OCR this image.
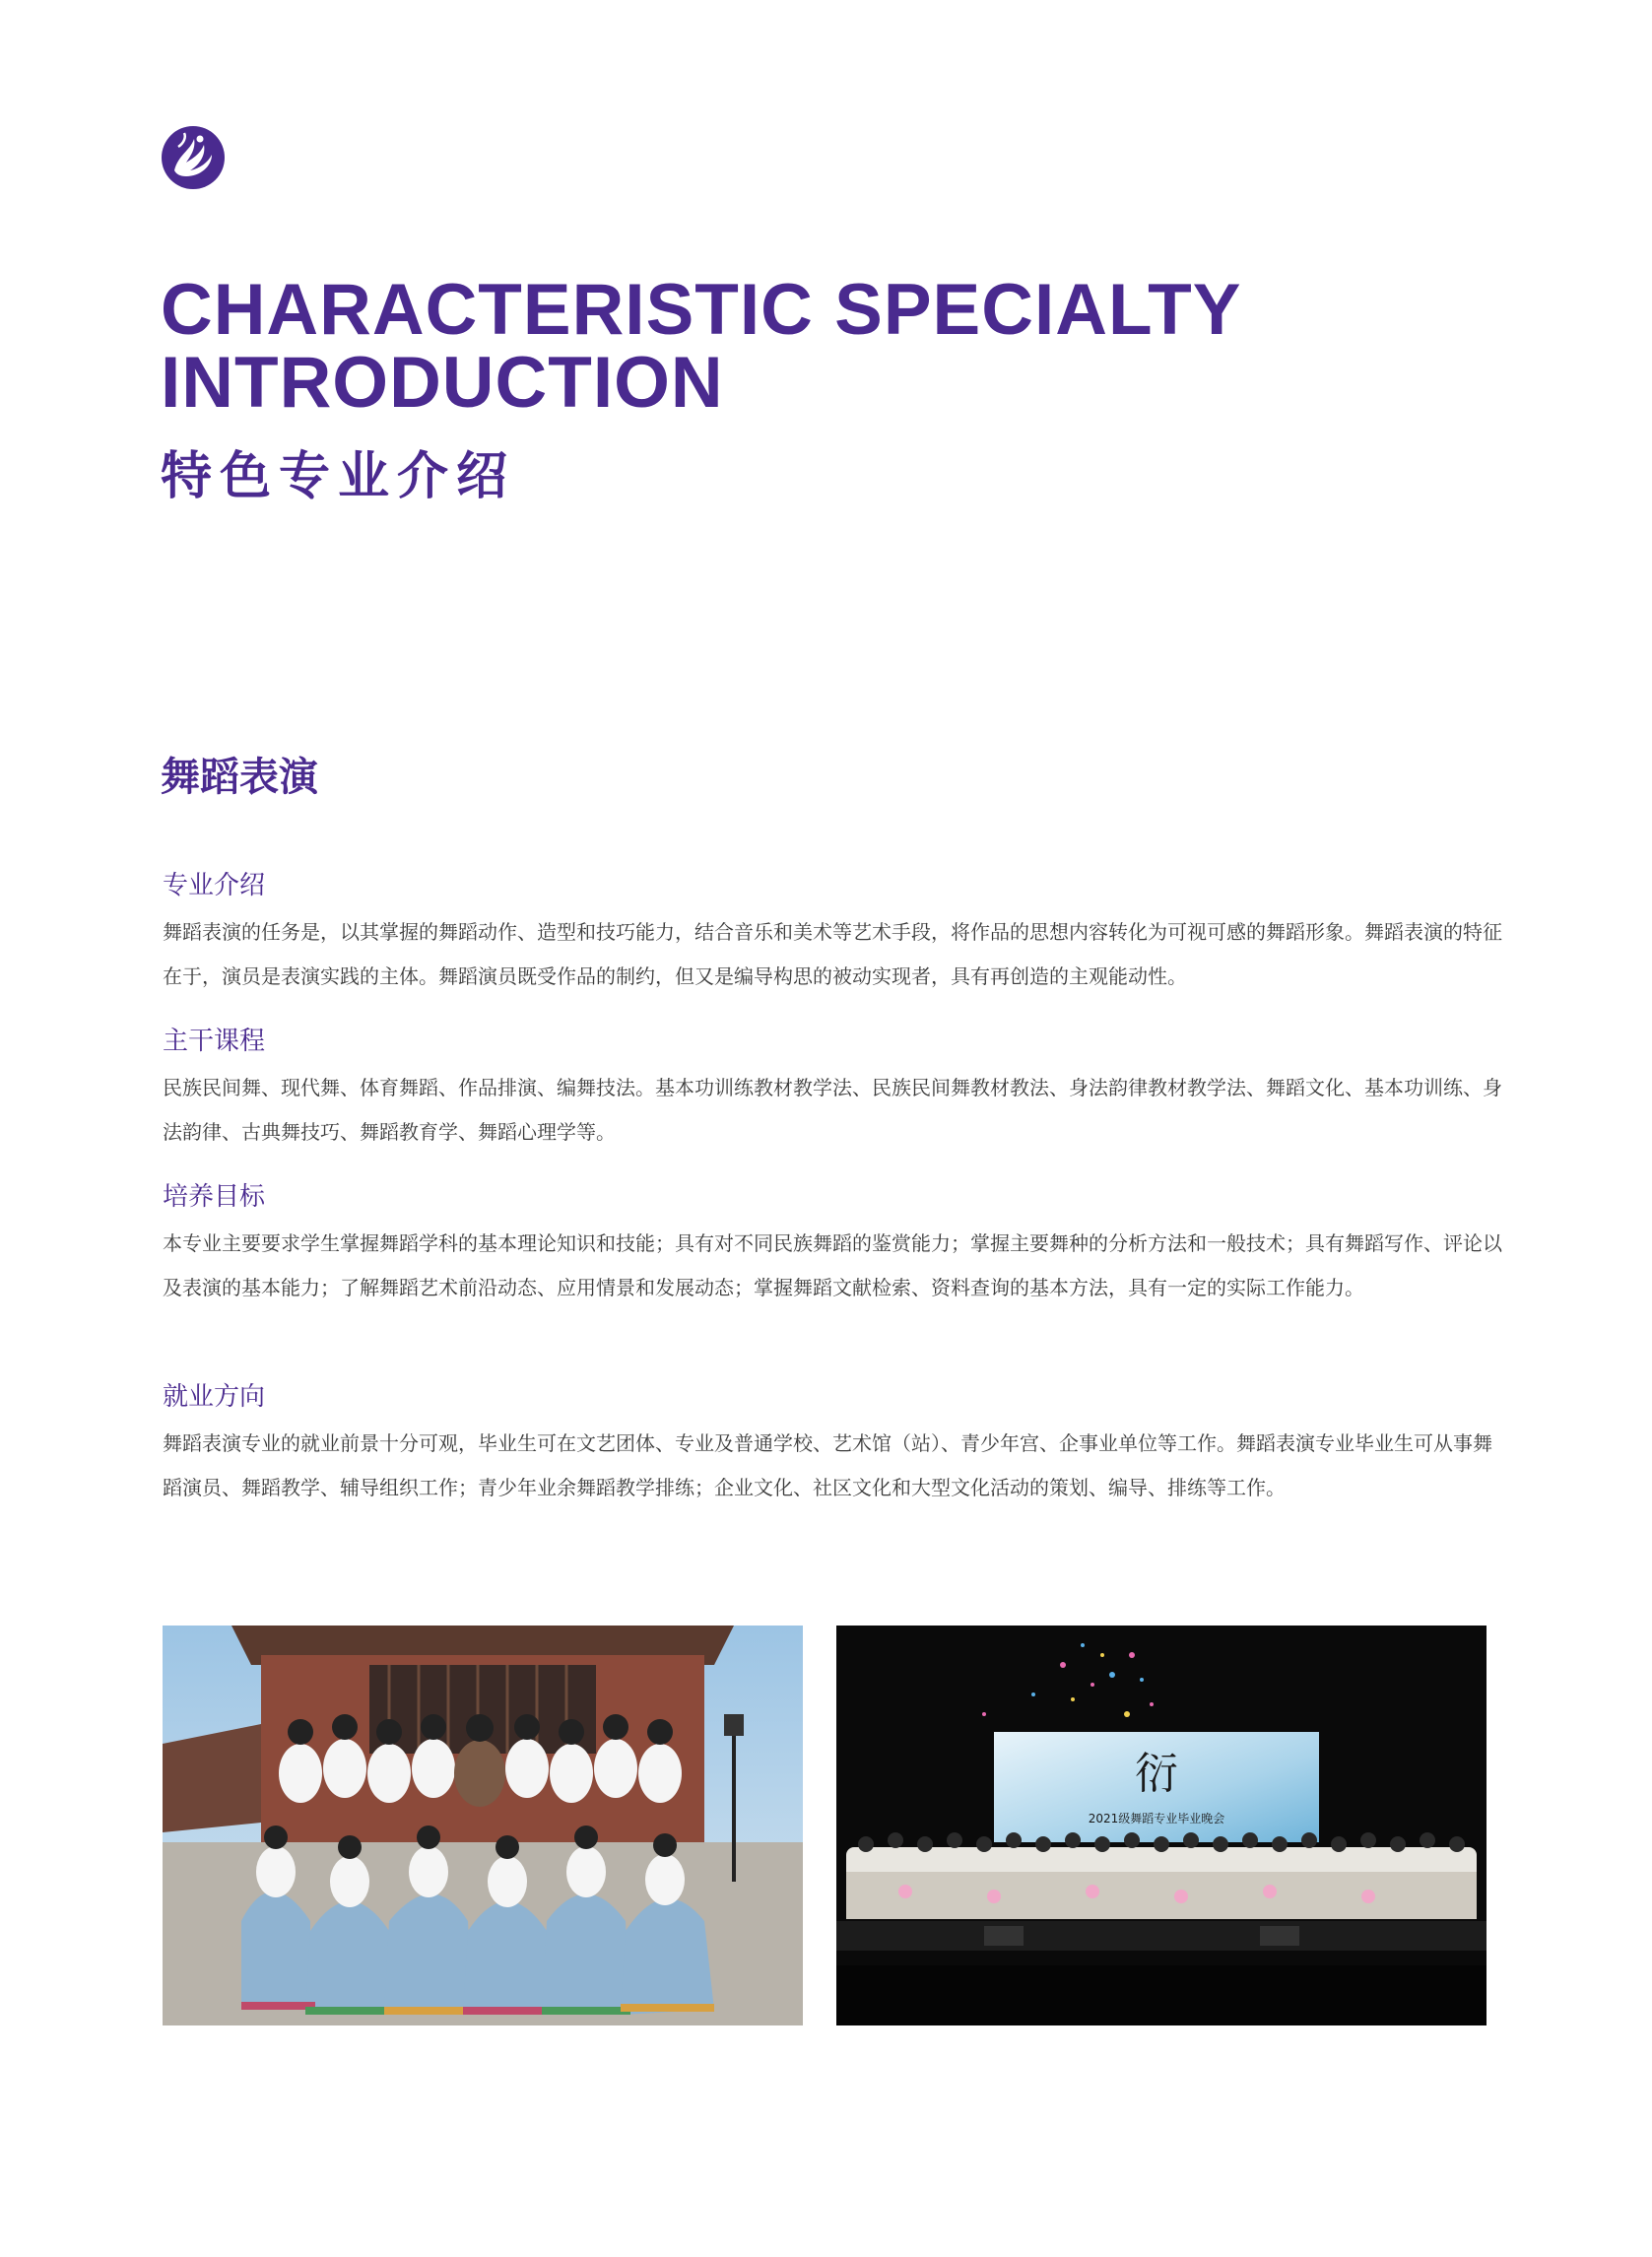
CHARACTERISTIC SPECIALTY
INTRODUCTION
特色专业介绍
舞蹈表演
专业介绍

舞蹈表演的任务是，以其掌握的舞蹈动作、造型和技巧能力，结合音乐和美术等艺术手段，将作品的思想内容转化为可视可感的舞蹈形象。舞蹈表演的特征在于，演员是表演实践的主体。舞蹈演员既受作品的制约，但又是编导构思的被动实现者，具有再创造的主观能动性。

主干课程

民族民间舞、现代舞、体育舞蹈、作品排演、编舞技法。基本功训练教材教学法、民族民间舞教材教法、身法韵律教材教学法、舞蹈文化、基本功训练、身法韵律、古典舞技巧、舞蹈教育学、舞蹈心理学等。

培养目标

本专业主要要求学生掌握舞蹈学科的基本理论知识和技能；具有对不同民族舞蹈的鉴赏能力；掌握主要舞种的分析方法和一般技术；具有舞蹈写作、评论以及表演的基本能力；了解舞蹈艺术前沿动态、应用情景和发展动态；掌握舞蹈文献检索、资料查询的基本方法，具有一定的实际工作能力。

就业方向

舞蹈表演专业的就业前景十分可观，毕业生可在文艺团体、专业及普通学校、艺术馆（站）、青少年宫、企事业单位等工作。舞蹈表演专业毕业生可从事舞蹈演员、舞蹈教学、辅导组织工作；青少年业余舞蹈教学排练；企业文化、社区文化和大型文化活动的策划、编导、排练等工作。

衍
2021级舞蹈专业毕业晚会
